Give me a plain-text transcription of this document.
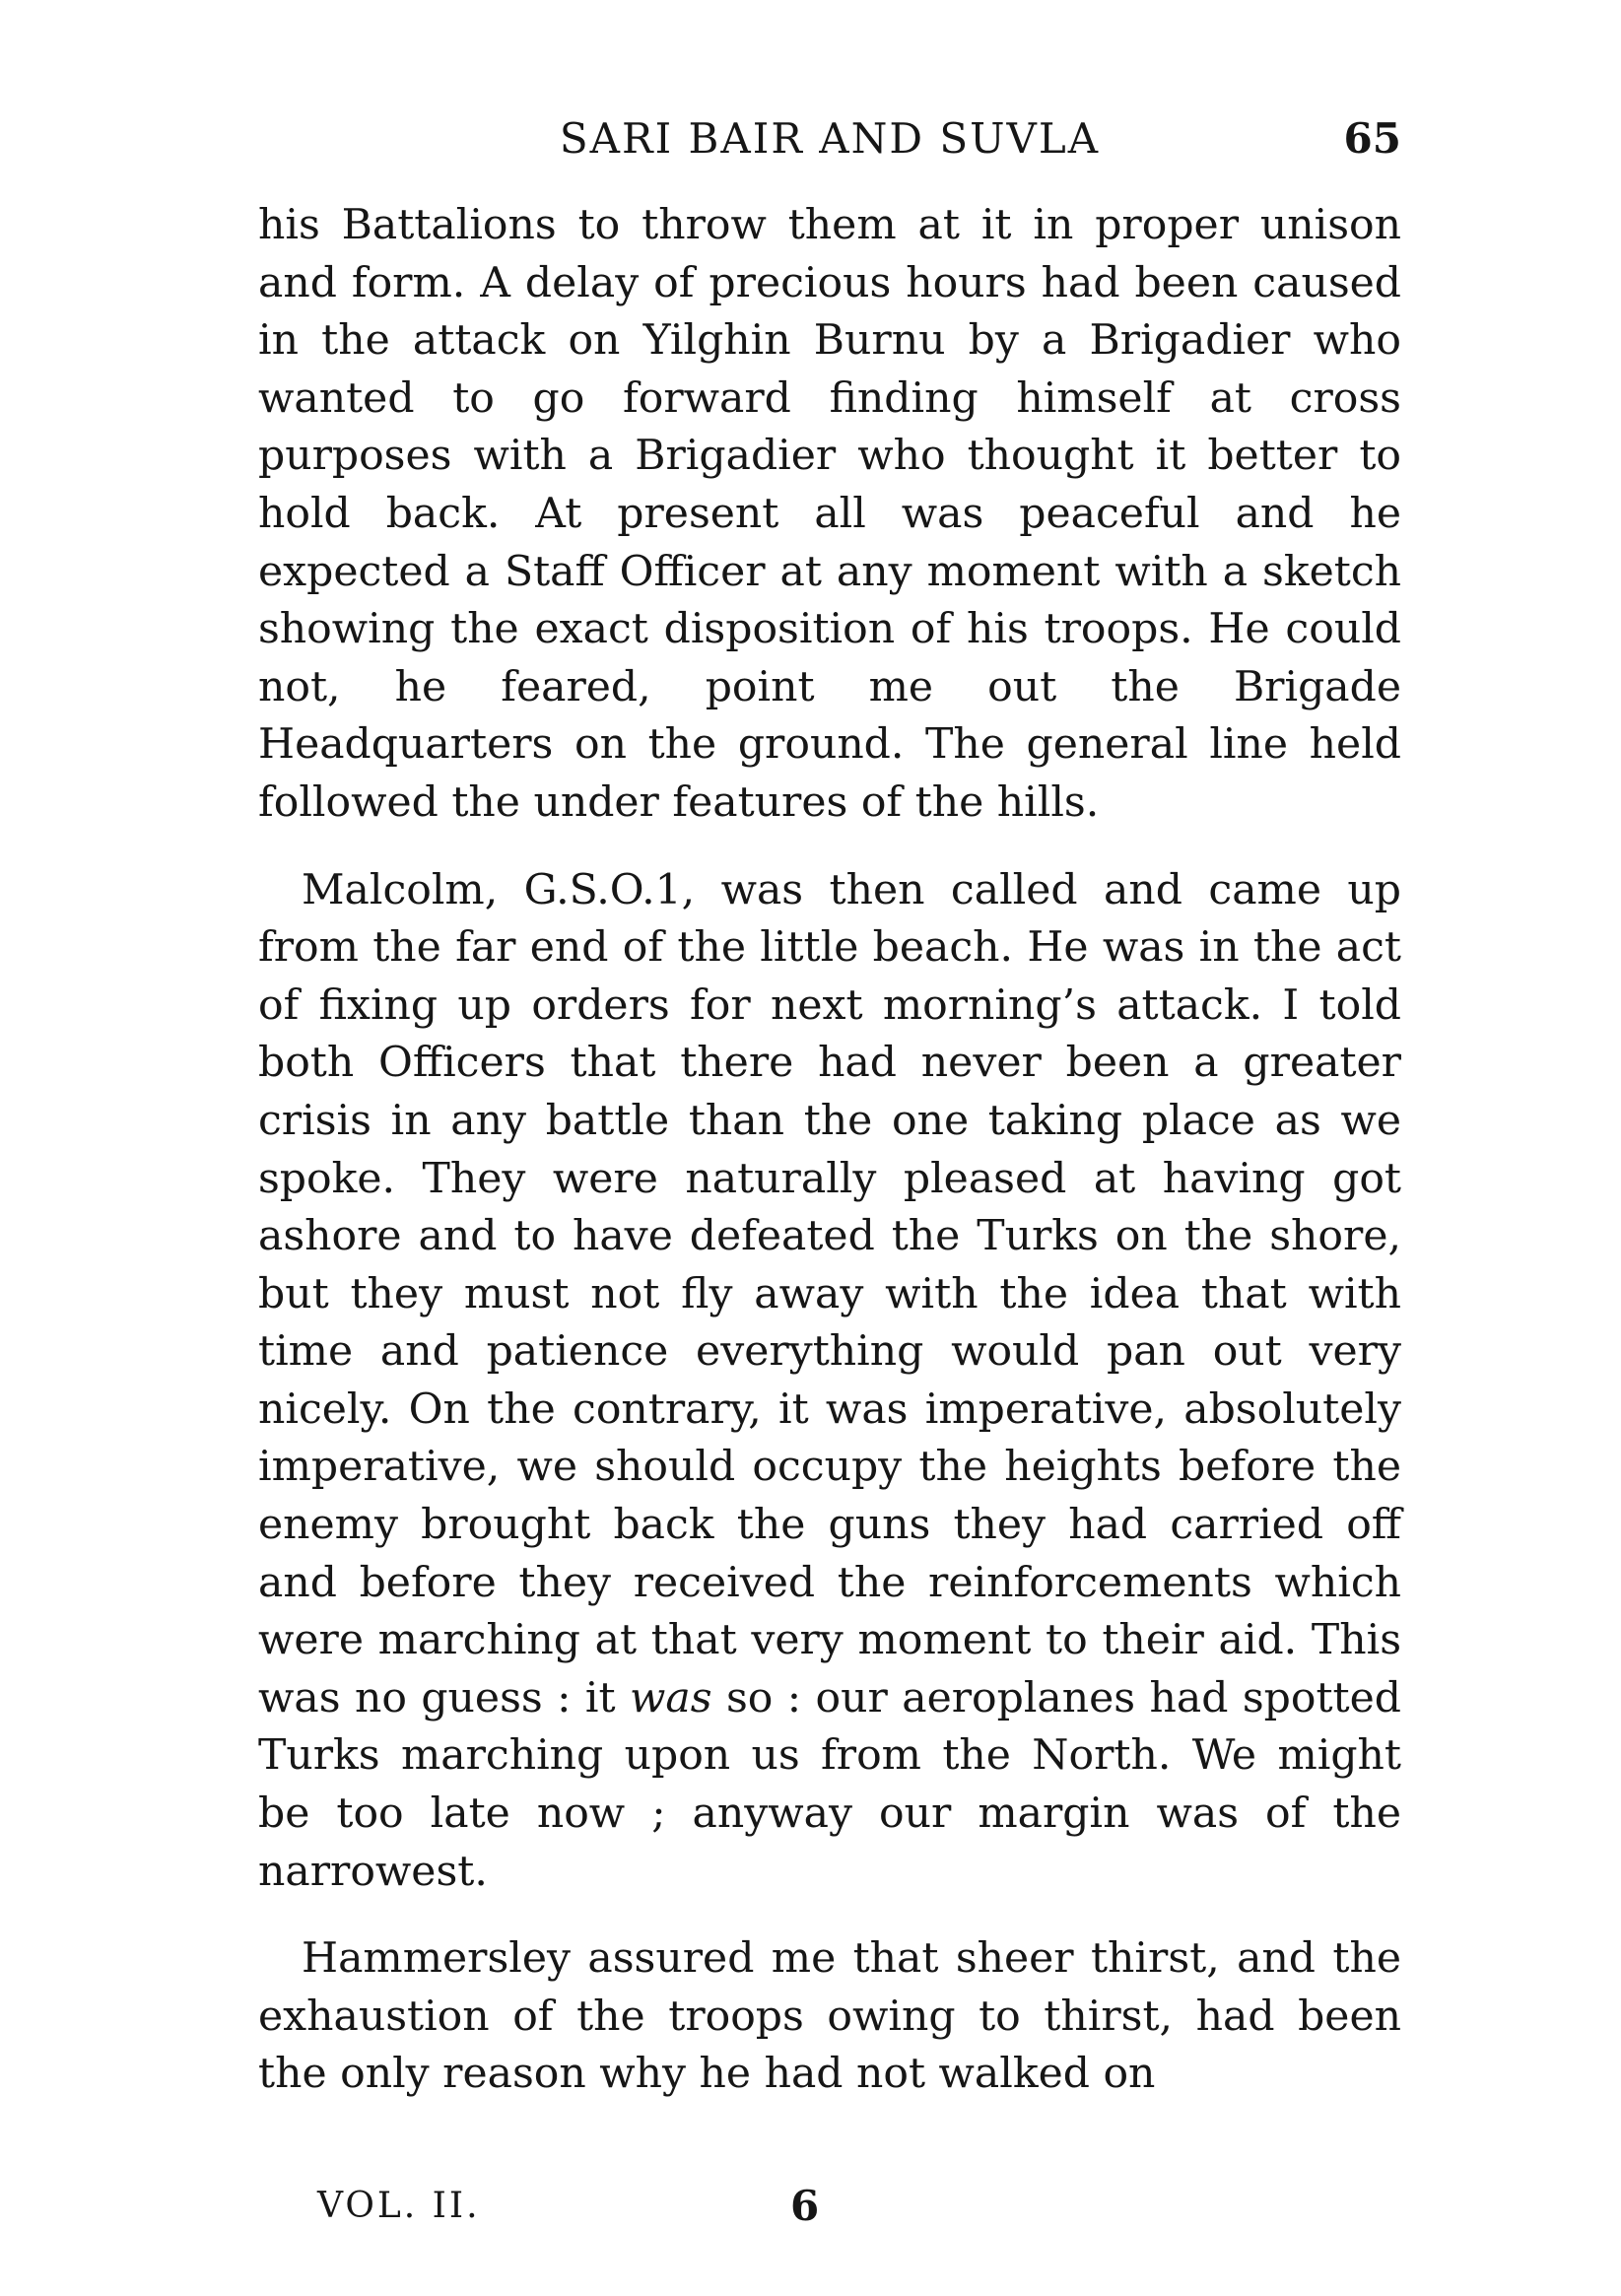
SARI BAIR AND SUVLA	65

his Battalions to throw them at it in proper unison and form. A delay of precious hours had been caused in the attack on Yilghin Burnu by a Brigadier who wanted to go forward finding himself at cross purposes with a Brigadier who thought it better to hold back. At present all was peaceful and he expected a Staff Officer at any moment with a sketch showing the exact disposition of his troops. He could not, he feared, point me out the Brigade Headquarters on the ground. The general line held followed the under features of the hills.

Malcolm, G.S.O.1, was then called and came up from the far end of the little beach. He was in the act of fixing up orders for next morning’s attack. I told both Officers that there had never been a greater crisis in any battle than the one taking place as we spoke. They were naturally pleased at having got ashore and to have defeated the Turks on the shore, but they must not fly away with the idea that with time and patience everything would pan out very nicely. On the contrary, it was imperative, absolutely imperative, we should occupy the heights before the enemy brought back the guns they had carried off and before they received the reinforcements which were marching at that very moment to their aid. This was no guess : it was so : our aeroplanes had spotted Turks marching upon us from the North. We might be too late now ; anyway our margin was of the narrowest.

Hammersley assured me that sheer thirst, and the exhaustion of the troops owing to thirst, had been the only reason why he had not walked on

VOL. II.	6
